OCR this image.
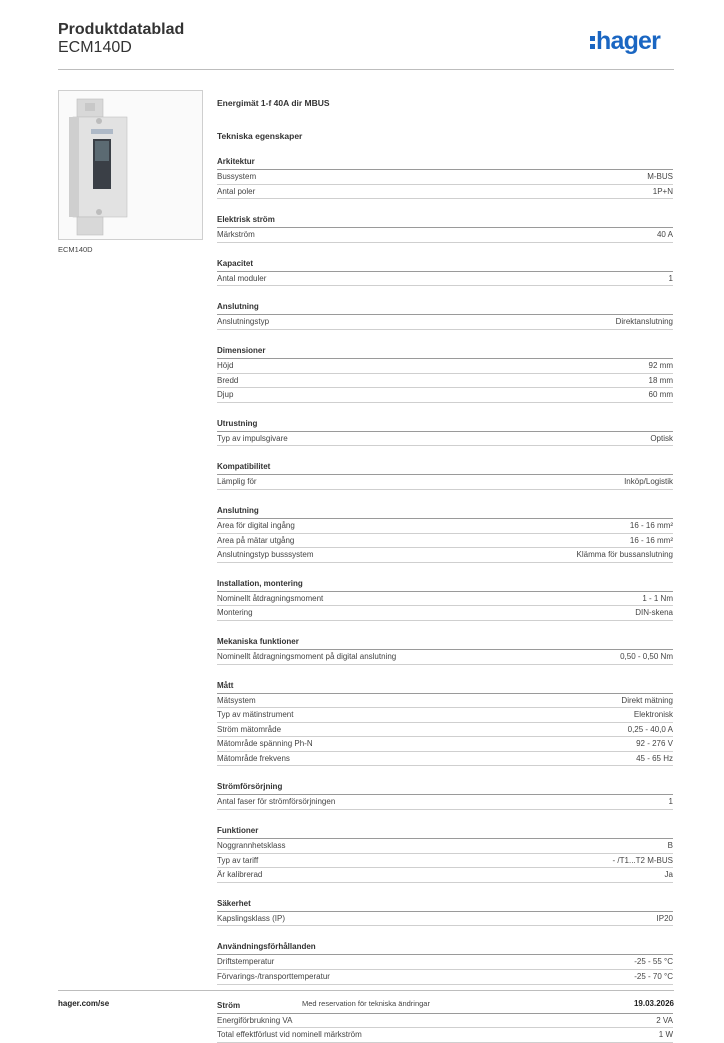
Produktdatablad
ECM140D	hager
ECM140D
Energimät 1-f 40A dir MBUS
Tekniska egenskaper
Arkitektur
Bussystem	M-BUS
Antal poler	1P+N
Elektrisk ström
Märkström	40 A
Kapacitet
Antal moduler	1
Anslutning
Anslutningstyp	Direktanslutning
Dimensioner
Höjd	92 mm
Bredd	18 mm
Djup	60 mm
Utrustning
Typ av impulsgivare	Optisk
Kompatibilitet
Lämplig för	Inköp/Logistik
Anslutning
Area för digital ingång	16 - 16 mm²
Area på mätar utgång	16 - 16 mm²
Anslutningstyp busssystem	Klämma för bussanslutning
Installation, montering
Nominellt åtdragningsmoment	1 - 1 Nm
Montering	DIN-skena
Mekaniska funktioner
Nominellt åtdragningsmoment på digital anslutning	0,50 - 0,50 Nm
Mått
Mätsystem	Direkt mätning
Typ av mätinstrument	Elektronisk
Ström mätområde	0,25 - 40,0 A
Mätområde spänning Ph-N	92 - 276 V
Mätområde frekvens	45 - 65 Hz
Strömförsörjning
Antal faser för strömförsörjningen	1
Funktioner
Noggrannhetsklass	B
Typ av tariff	- /T1...T2 M-BUS
Är kalibrerad	Ja
Säkerhet
Kapslingsklass (IP)	IP20
Användningsförhållanden
Driftstemperatur	-25 - 55 °C
Förvarings-/transporttemperatur	-25 - 70 °C
Ström
Energiförbrukning VA	2 VA
Total effektförlust vid nominell märkström	1 W
hager.com/se	Med reservation för tekniska ändringar	19.03.2026
